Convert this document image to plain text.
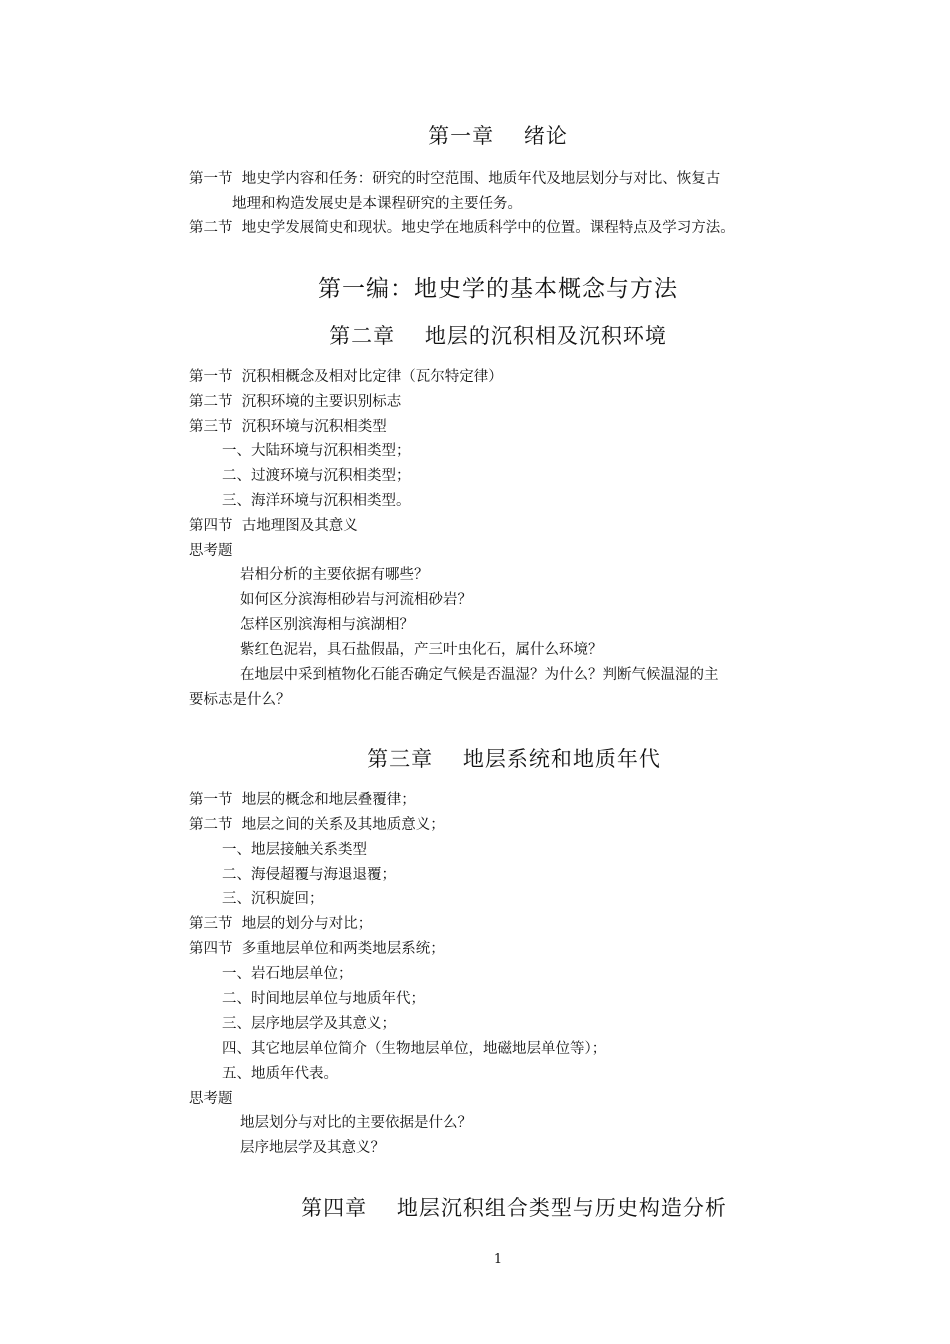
第一章　 绪论
第一节  地史学内容和任务：研究的时空范围、地质年代及地层划分与对比、恢复古
地理和构造发展史是本课程研究的主要任务。
第二节  地史学发展简史和现状。地史学在地质科学中的位置。课程特点及学习方法。
第一编：地史学的基本概念与方法
第二章　 地层的沉积相及沉积环境
第一节  沉积相概念及相对比定律（瓦尔特定律）
第二节  沉积环境的主要识别标志
第三节  沉积环境与沉积相类型
一、大陆环境与沉积相类型；
二、过渡环境与沉积相类型；
三、海洋环境与沉积相类型。
第四节  古地理图及其意义
思考题
岩相分析的主要依据有哪些？
如何区分滨海相砂岩与河流相砂岩？
怎样区别滨海相与滨湖相？
紫红色泥岩，具石盐假晶，产三叶虫化石，属什么环境？
在地层中采到植物化石能否确定气候是否温湿？为什么？判断气候温湿的主
要标志是什么？
第三章　 地层系统和地质年代
第一节  地层的概念和地层叠覆律；
第二节  地层之间的关系及其地质意义；
一、地层接触关系类型
二、海侵超覆与海退退覆；
三、沉积旋回；
第三节  地层的划分与对比；
第四节  多重地层单位和两类地层系统；
一、岩石地层单位；
二、时间地层单位与地质年代；
三、层序地层学及其意义；
四、其它地层单位简介（生物地层单位，地磁地层单位等）；
五、地质年代表。
思考题
地层划分与对比的主要依据是什么？
层序地层学及其意义？
第四章　 地层沉积组合类型与历史构造分析
1
